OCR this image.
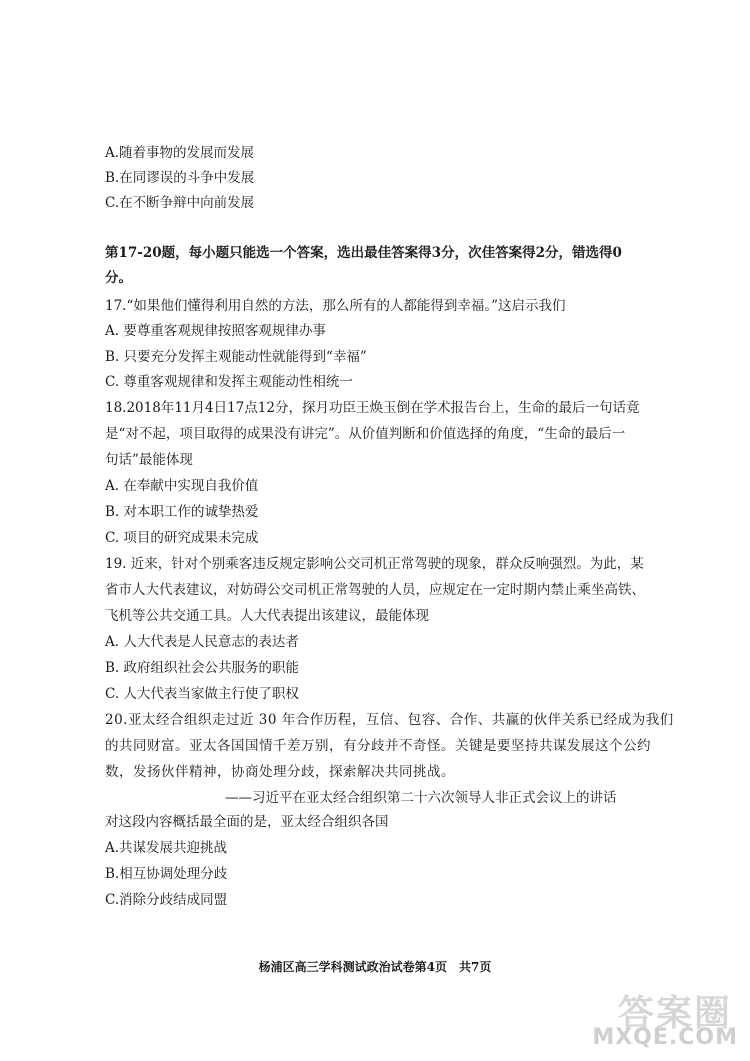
A.随着事物的发展而发展
B.在同谬误的斗争中发展
C.在不断争辩中向前发展
第17-20题，每小题只能选一个答案，选出最佳答案得3分，次佳答案得2分，错选得0
分。
17.“如果他们懂得利用自然的方法，那么所有的人都能得到幸福。”这启示我们
A. 要尊重客观规律按照客观规律办事
B. 只要充分发挥主观能动性就能得到“幸福”
C. 尊重客观规律和发挥主观能动性相统一
18.2018年11月4日17点12分，探月功臣王焕玉倒在学术报告台上，生命的最后一句话竟
是“对不起，项目取得的成果没有讲完”。从价值判断和价值选择的角度，“生命的最后一
句话”最能体现
A. 在奉献中实现自我价值
B. 对本职工作的诚挚热爱
C. 项目的研究成果未完成
19. 近来，针对个别乘客违反规定影响公交司机正常驾驶的现象，群众反响强烈。为此，某
省市人大代表建议，对妨碍公交司机正常驾驶的人员，应规定在一定时期内禁止乘坐高铁、
飞机等公共交通工具。人大代表提出该建议，最能体现
A. 人大代表是人民意志的表达者
B. 政府组织社会公共服务的职能
C. 人大代表当家做主行使了职权
20.亚太经合组织走过近 30 年合作历程，互信、包容、合作、共赢的伙伴关系已经成为我们
的共同财富。亚太各国国情千差万别，有分歧并不奇怪。关键是要坚持共谋发展这个公约
数，发扬伙伴精神，协商处理分歧，探索解决共同挑战。
——习近平在亚太经合组织第二十六次领导人非正式会议上的讲话
对这段内容概括最全面的是，亚太经合组织各国
A.共谋发展共迎挑战
B.相互协调处理分歧
C.消除分歧结成同盟
杨浦区高三学科测试政治试卷第4页　共7页
答案圈
MXQE.COM
